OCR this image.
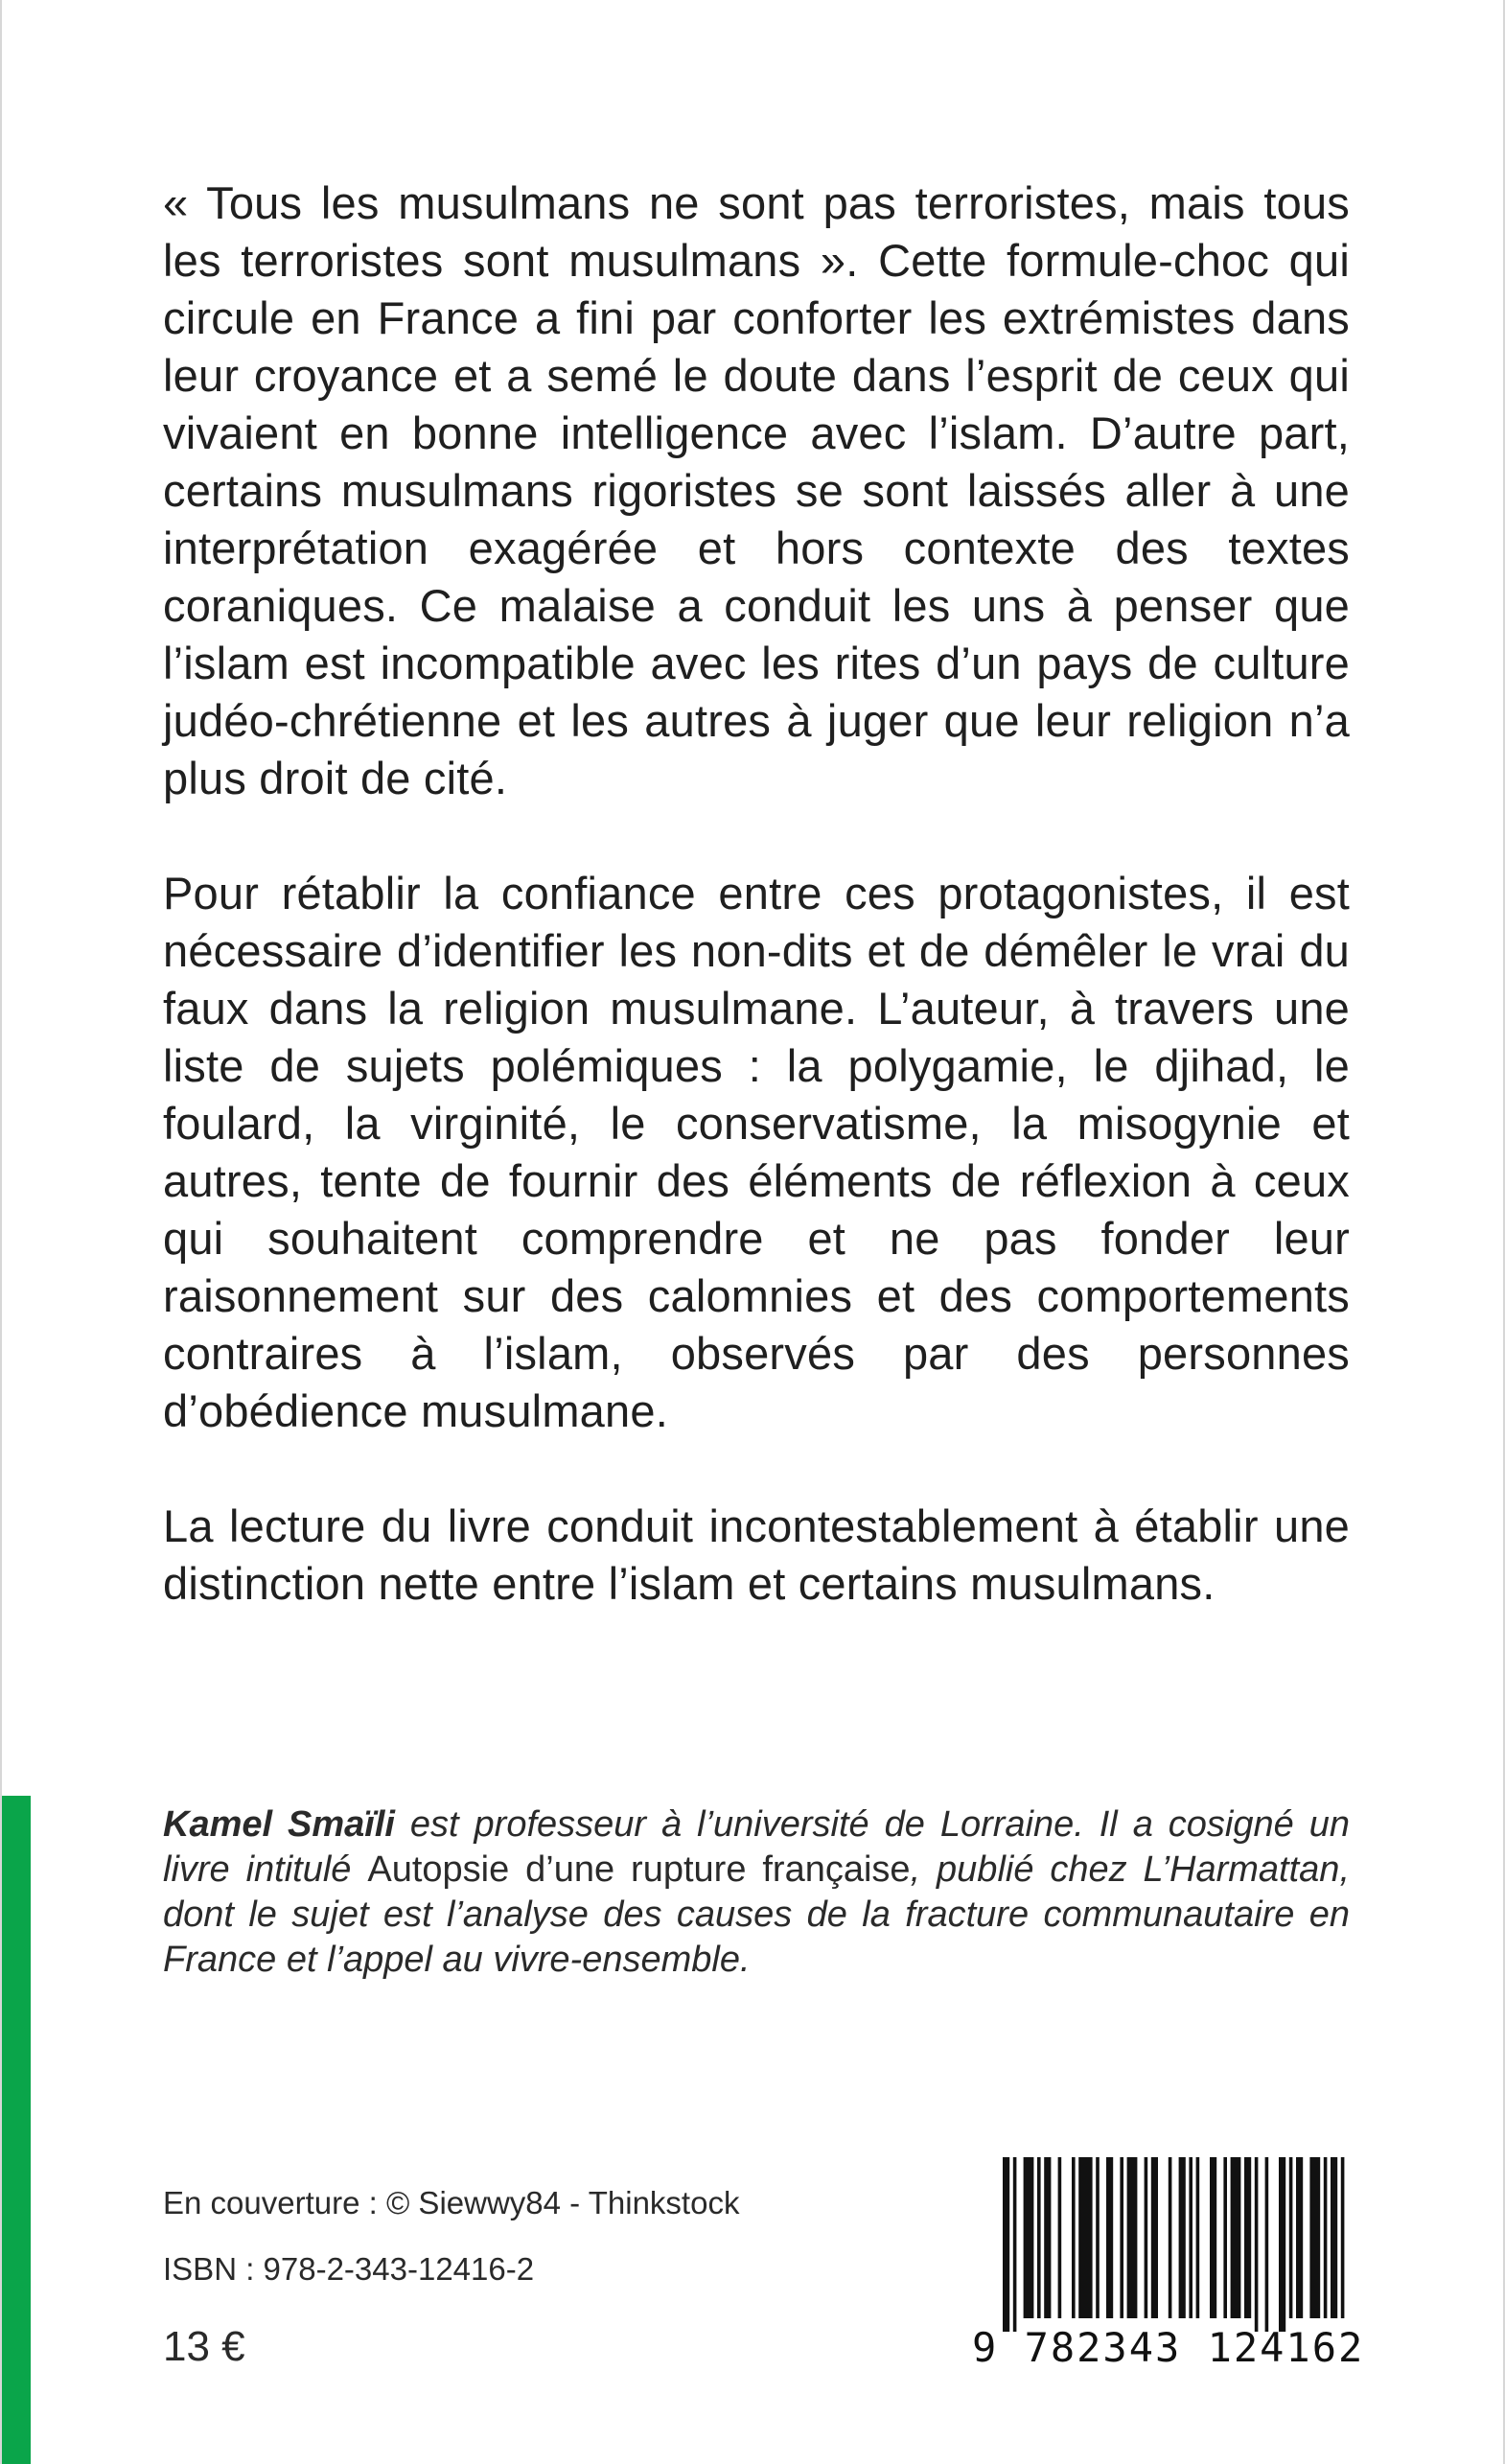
« Tous les musulmans ne sont pas terroristes, mais tous les terroristes sont musulmans ». Cette formule-choc qui circule en France a fini par conforter les extrémistes dans leur croyance et a semé le doute dans l’esprit de ceux qui vivaient en bonne intelligence avec l’islam. D’autre part, certains musulmans rigoristes se sont laissés aller à une interprétation exagérée et hors contexte des textes coraniques. Ce malaise a conduit les uns à penser que l’islam est incompatible avec les rites d’un pays de culture judéo-chrétienne et les autres à juger que leur religion n’a plus droit de cité.

Pour rétablir la confiance entre ces protagonistes, il est nécessaire d’identifier les non-dits et de démêler le vrai du faux dans la religion musulmane. L’auteur, à travers une liste de sujets polémiques : la polygamie, le djihad, le foulard, la virginité, le conservatisme, la misogynie et autres, tente de fournir des éléments de réflexion à ceux qui souhaitent comprendre et ne pas fonder leur raisonnement sur des calomnies et des comportements contraires à l’islam, observés par des personnes d’obédience musulmane.

La lecture du livre conduit incontestablement à établir une distinction nette entre l’islam et certains musulmans.

Kamel Smaïli est professeur à l’université de Lorraine. Il a cosigné un livre intitulé Autopsie d’une rupture française, publié chez L’Harmattan, dont le sujet est l’analyse des causes de la fracture communautaire en France et l’appel au vivre-ensemble.
En couverture : © Siewwy84 - Thinkstock
ISBN : 978-2-343-12416-2
13 €	9 782343 124162
